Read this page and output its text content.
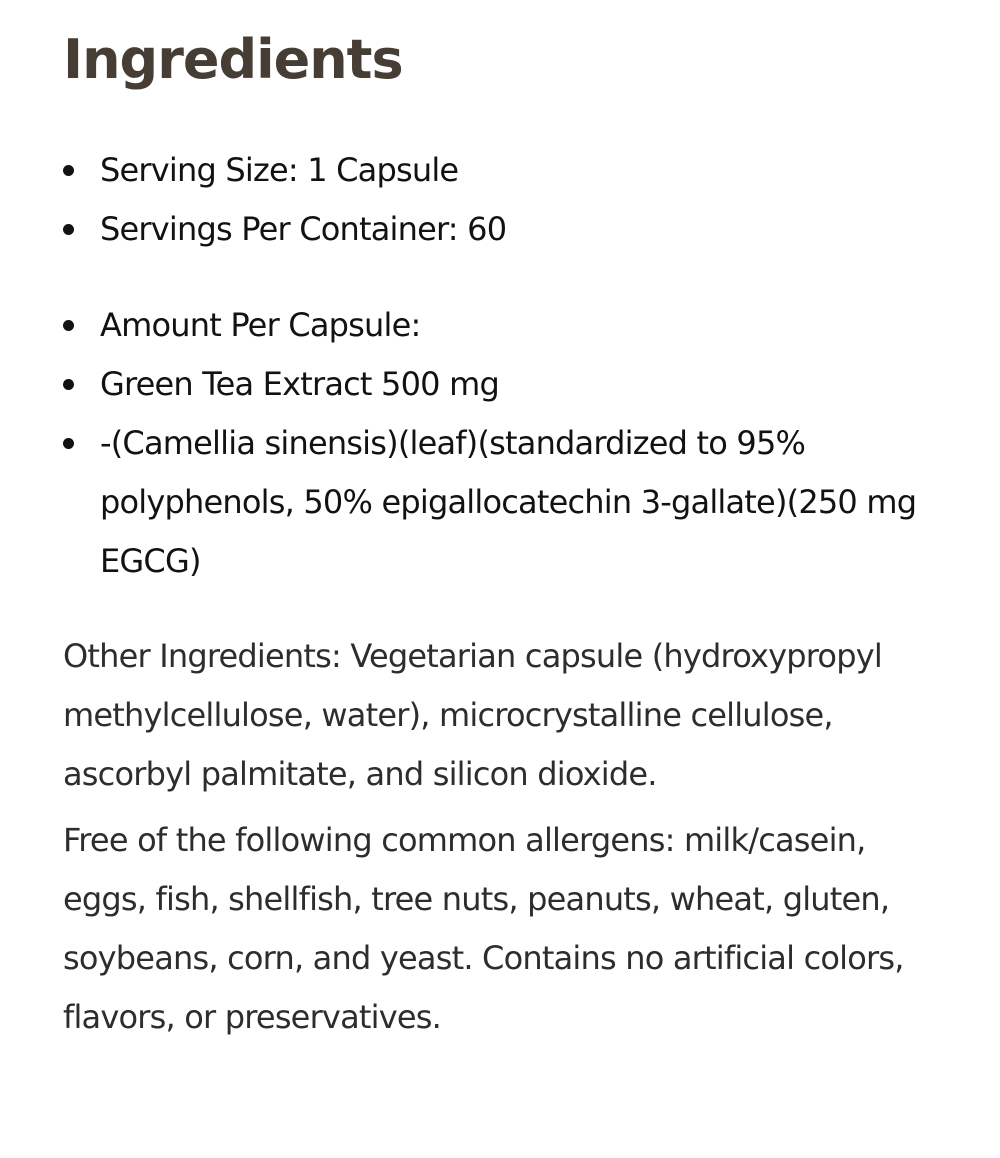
Ingredients
Serving Size: 1 Capsule
Servings Per Container: 60
Amount Per Capsule:
Green Tea Extract 500 mg
-(Camellia sinensis)(leaf)(standardized to 95% polyphenols, 50% epigallocatechin 3-gallate)(250 mg EGCG)

Other Ingredients: Vegetarian capsule (hydroxypropyl methylcellulose, water), microcrystalline cellulose, ascorbyl palmitate, and silicon dioxide.

Free of the following common allergens: milk/casein, eggs, fish, shellfish, tree nuts, peanuts, wheat, gluten, soybeans, corn, and yeast. Contains no artificial colors, flavors, or preservatives.
